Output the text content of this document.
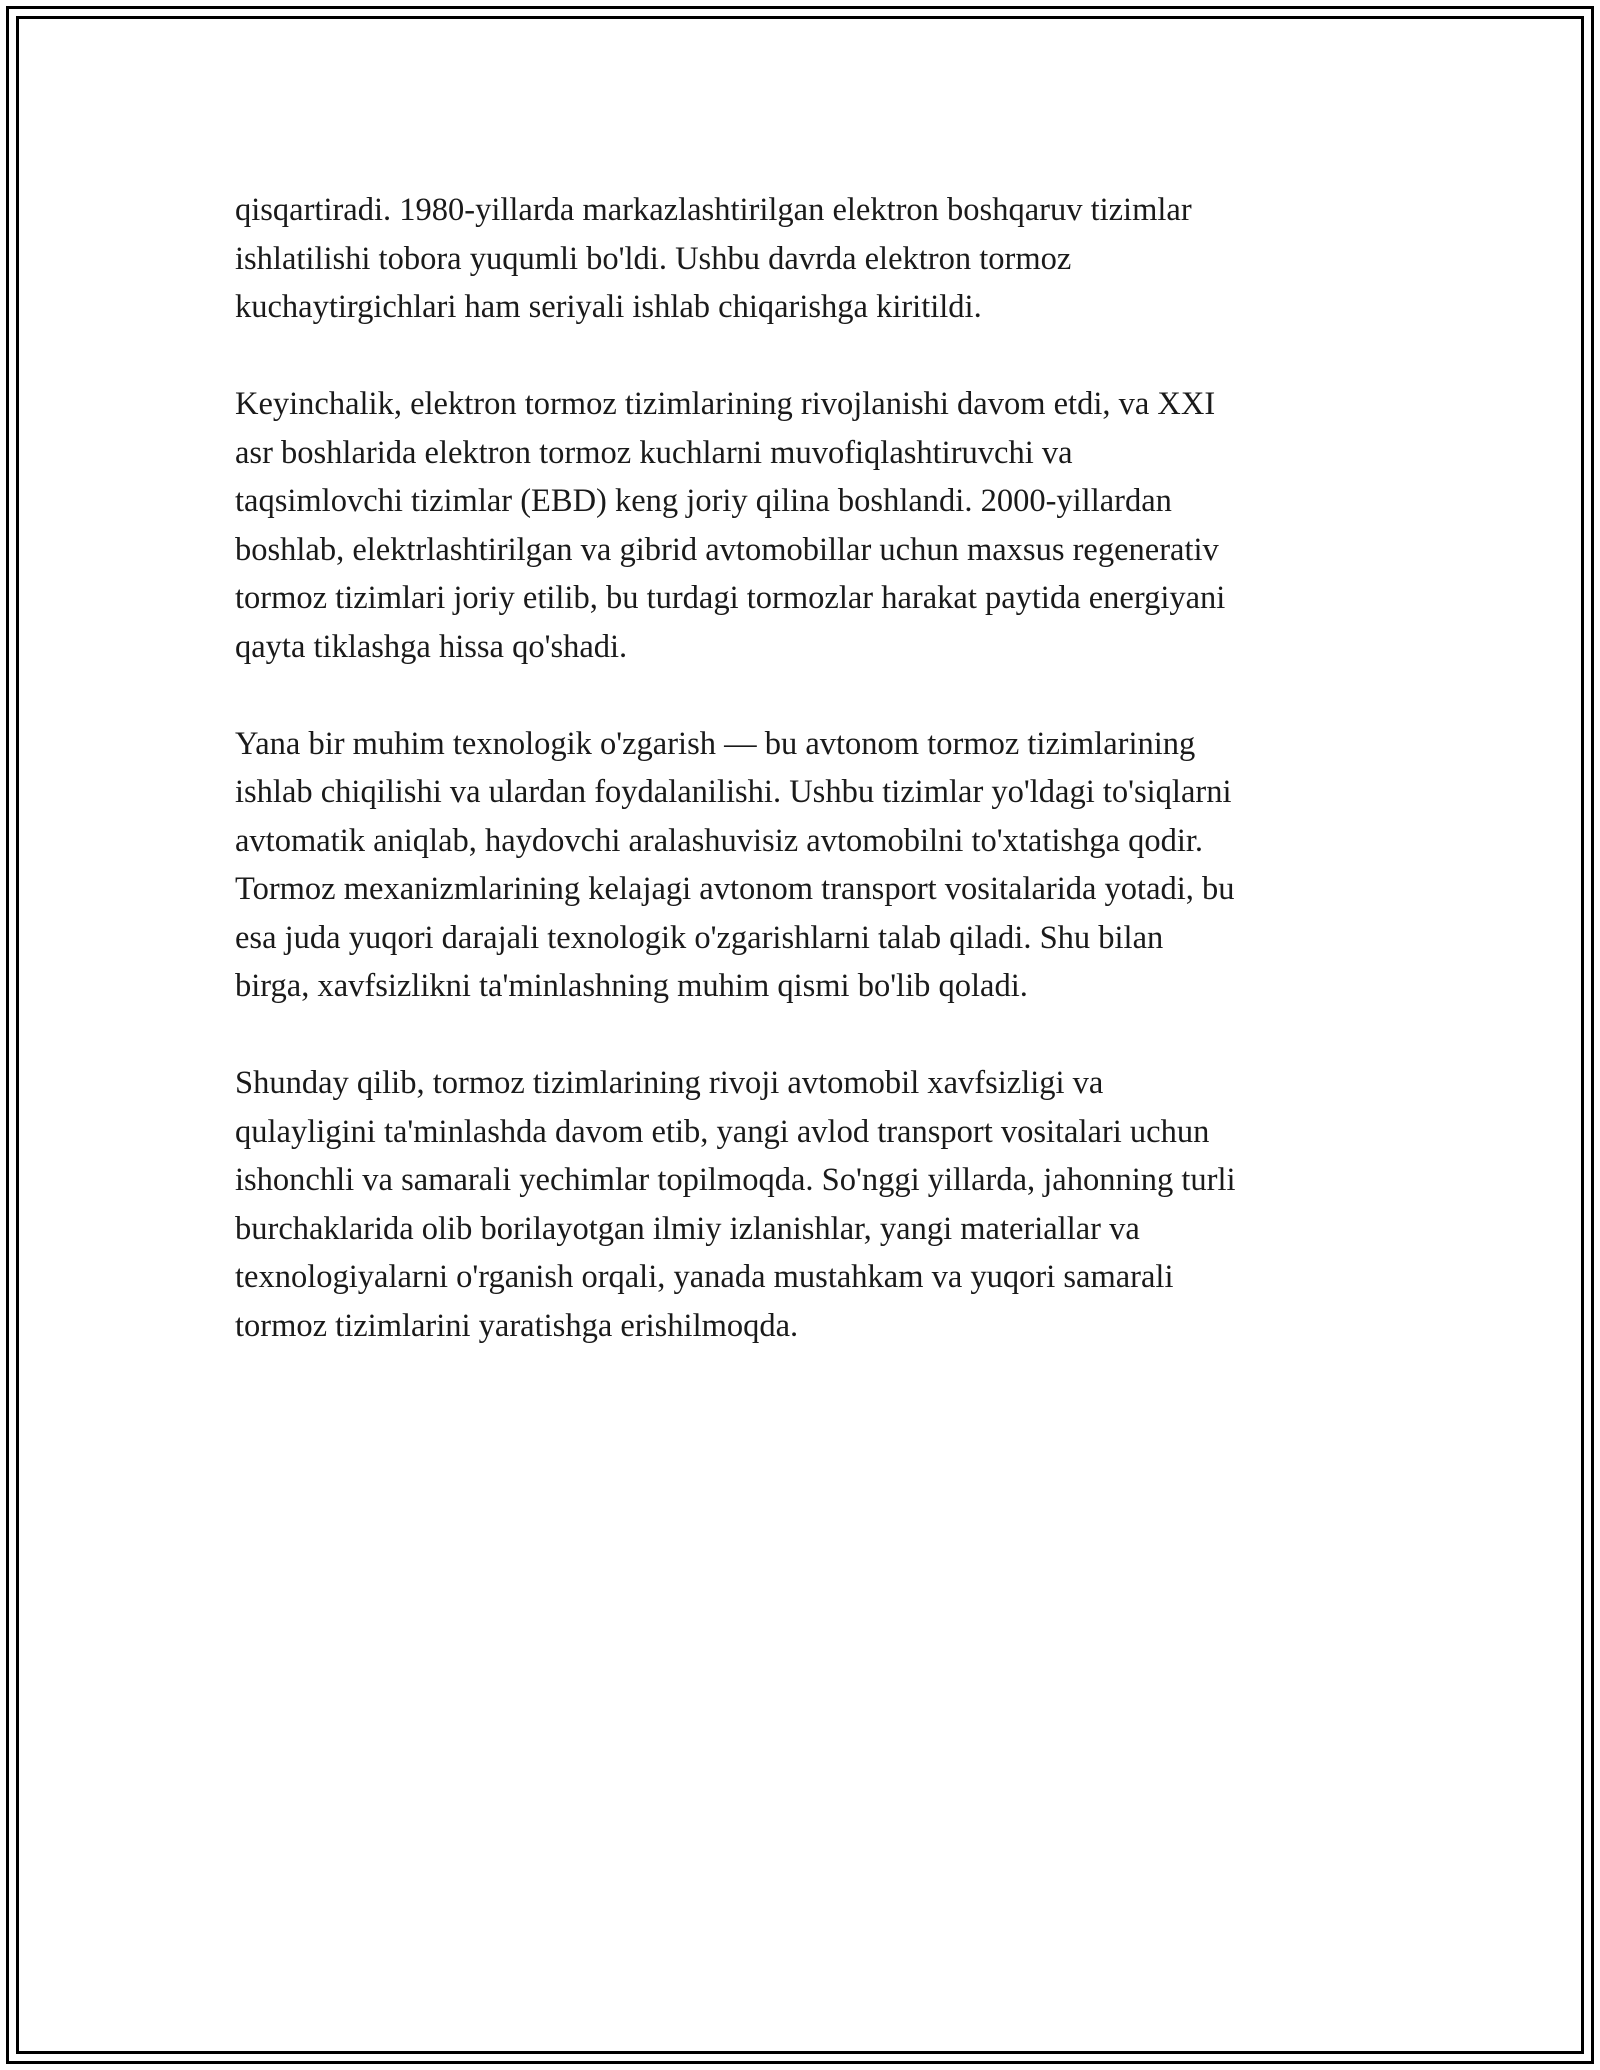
qisqartiradi. 1980-yillarda markazlashtirilgan elektron boshqaruv tizimlar
ishlatilishi tobora yuqumli bo'ldi. Ushbu davrda elektron tormoz
kuchaytirgichlari ham seriyali ishlab chiqarishga kiritildi.

Keyinchalik, elektron tormoz tizimlarining rivojlanishi davom etdi, va XXI
asr boshlarida elektron tormoz kuchlarni muvofiqlashtiruvchi va
taqsimlovchi tizimlar (EBD) keng joriy qilina boshlandi. 2000-yillardan
boshlab, elektrlashtirilgan va gibrid avtomobillar uchun maxsus regenerativ
tormoz tizimlari joriy etilib, bu turdagi tormozlar harakat paytida energiyani
qayta tiklashga hissa qo'shadi.

Yana bir muhim texnologik o'zgarish — bu avtonom tormoz tizimlarining
ishlab chiqilishi va ulardan foydalanilishi. Ushbu tizimlar yo'ldagi to'siqlarni
avtomatik aniqlab, haydovchi aralashuvisiz avtomobilni to'xtatishga qodir.
Tormoz mexanizmlarining kelajagi avtonom transport vositalarida yotadi, bu
esa juda yuqori darajali texnologik o'zgarishlarni talab qiladi. Shu bilan
birga, xavfsizlikni ta'minlashning muhim qismi bo'lib qoladi.

Shunday qilib, tormoz tizimlarining rivoji avtomobil xavfsizligi va
qulayligini ta'minlashda davom etib, yangi avlod transport vositalari uchun
ishonchli va samarali yechimlar topilmoqda. So'nggi yillarda, jahonning turli
burchaklarida olib borilayotgan ilmiy izlanishlar, yangi materiallar va
texnologiyalarni o'rganish orqali, yanada mustahkam va yuqori samarali
tormoz tizimlarini yaratishga erishilmoqda.
